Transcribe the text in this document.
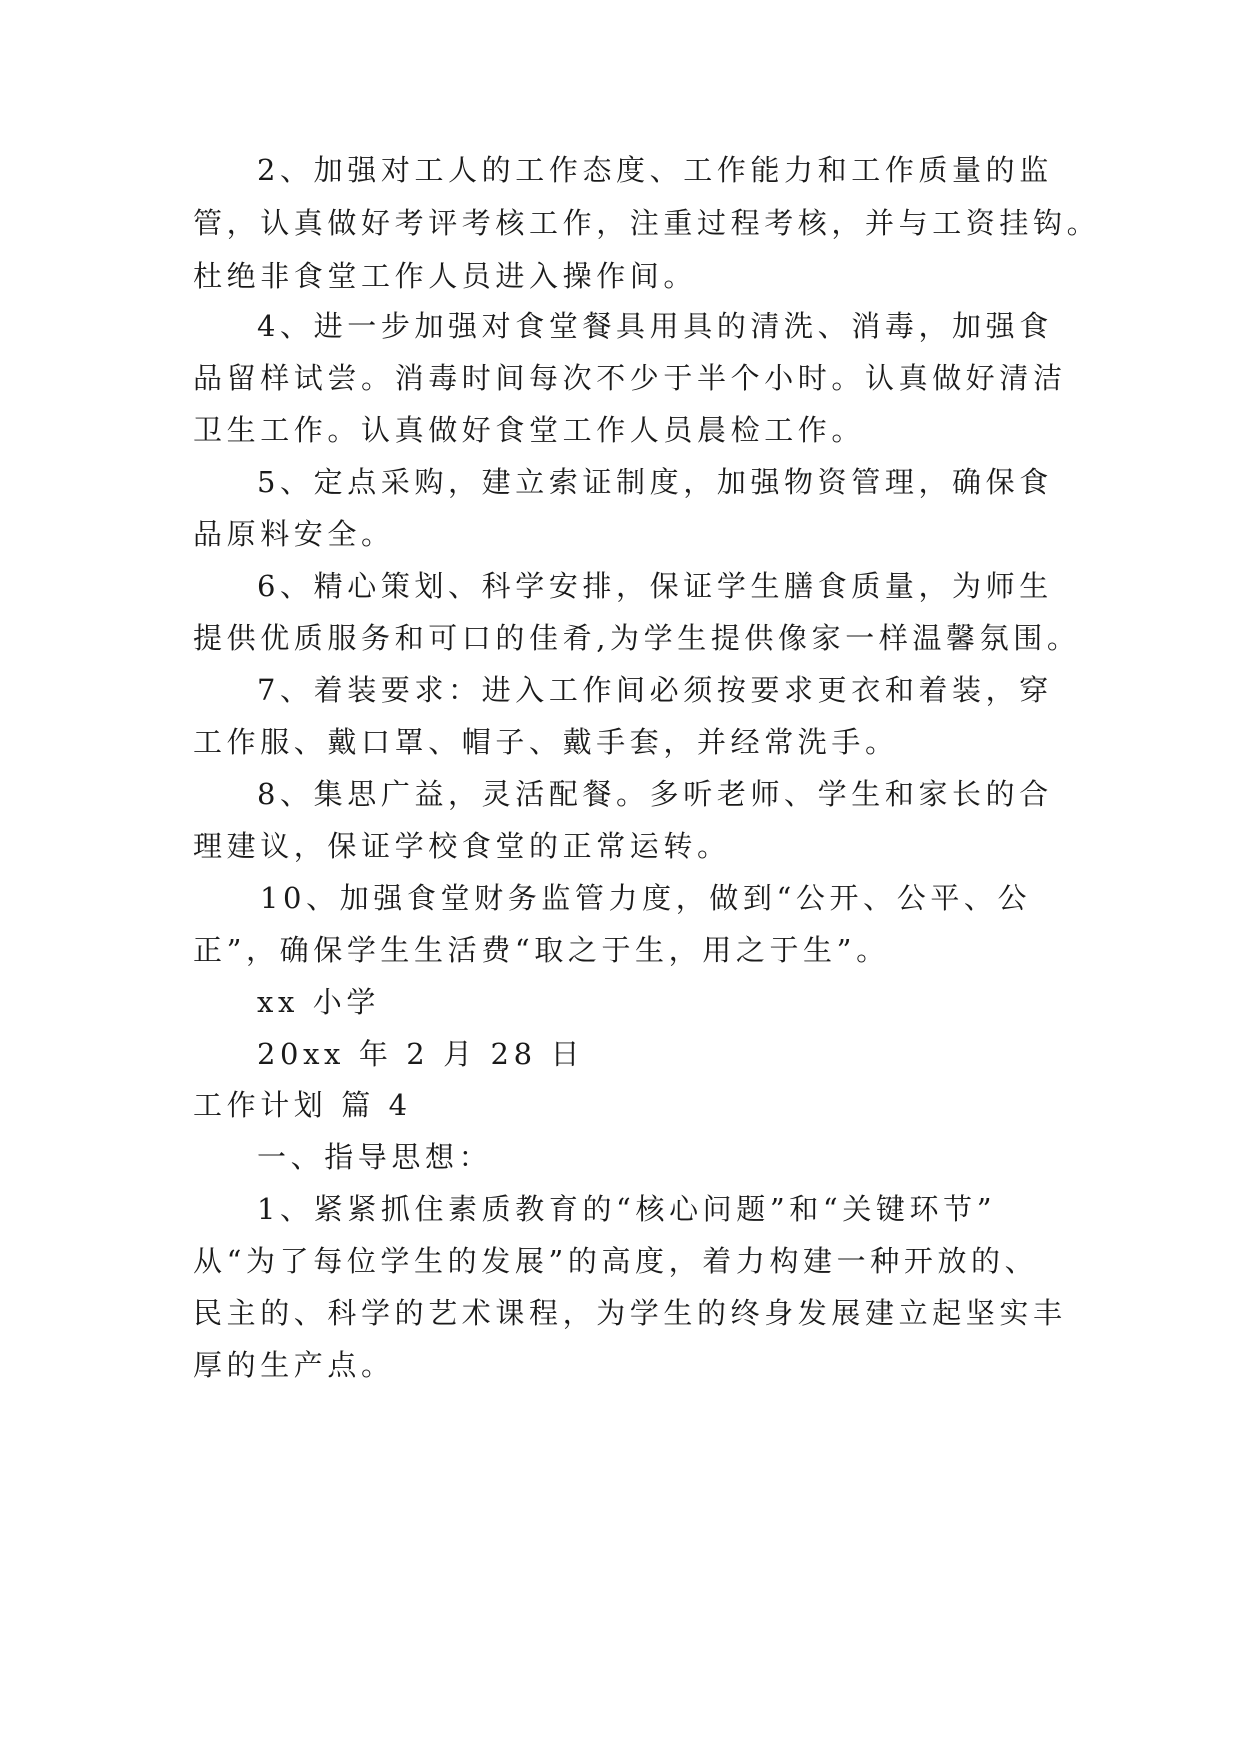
2、加强对工人的工作态度、工作能力和工作质量的监

管，认真做好考评考核工作，注重过程考核，并与工资挂钩。

杜绝非食堂工作人员进入操作间。

4、进一步加强对食堂餐具用具的清洗、消毒，加强食

品留样试尝。消毒时间每次不少于半个小时。认真做好清洁

卫生工作。认真做好食堂工作人员晨检工作。

5、定点采购，建立索证制度，加强物资管理，确保食

品原料安全。

6、精心策划、科学安排，保证学生膳食质量，为师生

提供优质服务和可口的佳肴,为学生提供像家一样温馨氛围。

7、着装要求：进入工作间必须按要求更衣和着装，穿

工作服、戴口罩、帽子、戴手套，并经常洗手。

8、集思广益，灵活配餐。多听老师、学生和家长的合

理建议，保证学校食堂的正常运转。

10、加强食堂财务监管力度，做到“公开、公平、公

正”，确保学生生活费“取之于生，用之于生”。

xx 小学

20xx 年 2 月 28 日

工作计划 篇 4

一、指导思想：

1、紧紧抓住素质教育的“核心问题”和“关键环节”

从“为了每位学生的发展”的高度，着力构建一种开放的、

民主的、科学的艺术课程，为学生的终身发展建立起坚实丰

厚的生产点。
